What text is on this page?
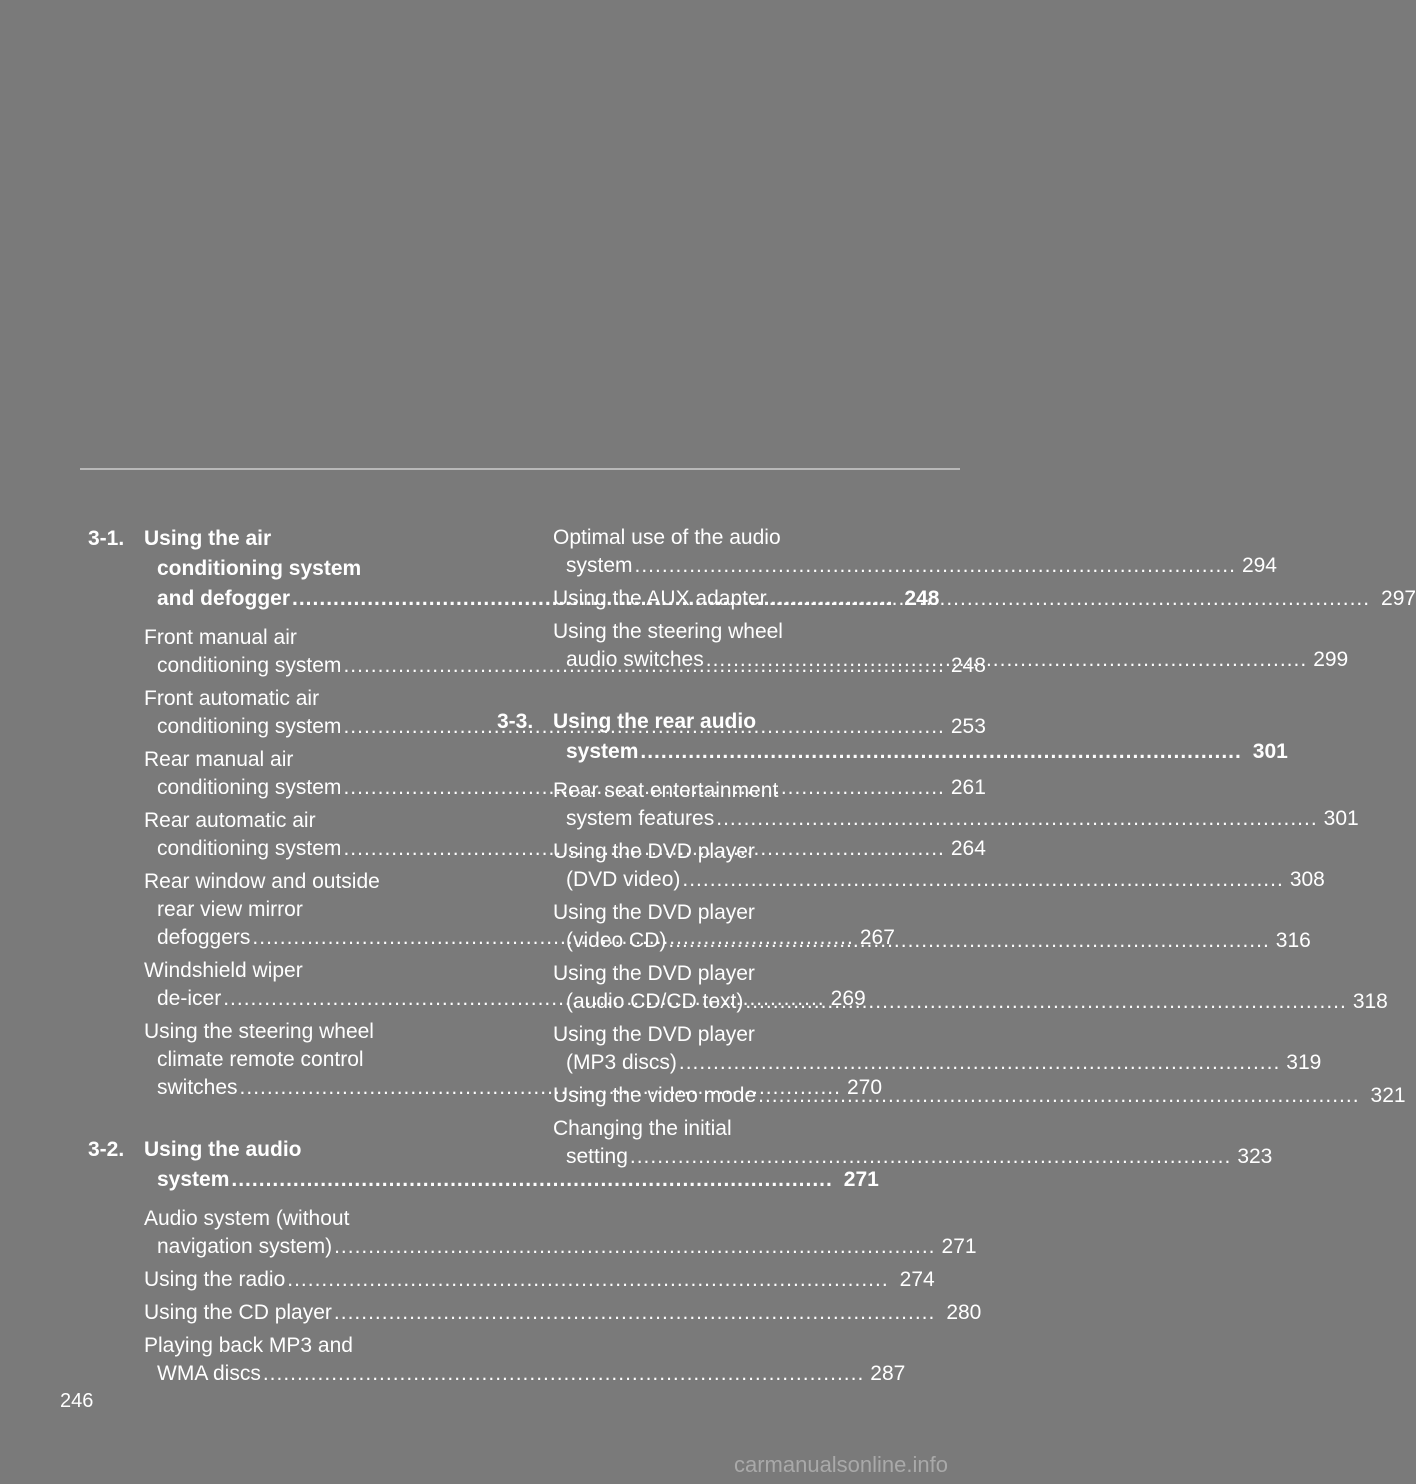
3-1. Using the air
conditioning system
and defogger .....	248
Front manual air
conditioning system .....	248
Front automatic air
conditioning system .....	253
Rear manual air
conditioning system .....	261
Rear automatic air
conditioning system .....	264
Rear window and outside
rear view mirror
defoggers .....	267
Windshield wiper
de-icer .....	269
Using the steering wheel
climate remote control
switches .....	270
3-2. Using the audio
system .....	271
Audio system (without
navigation system) .....	271
Using the radio .....	274
Using the CD player .....	280
Playing back MP3 and
WMA discs .....	287
Optimal use of the audio
system .....	294
Using the AUX adapter .....	297
Using the steering wheel
audio switches .....	299
3-3. Using the rear audio
system .....	301
Rear seat entertainment
system features .....	301
Using the DVD player
(DVD video) .....	308
Using the DVD player
(video CD) .....	316
Using the DVD player
(audio CD/CD text) .....	318
Using the DVD player
(MP3 discs) .....	319
Using the video mode .....	321
Changing the initial
setting .....	323
246
carmanualsonline.info
